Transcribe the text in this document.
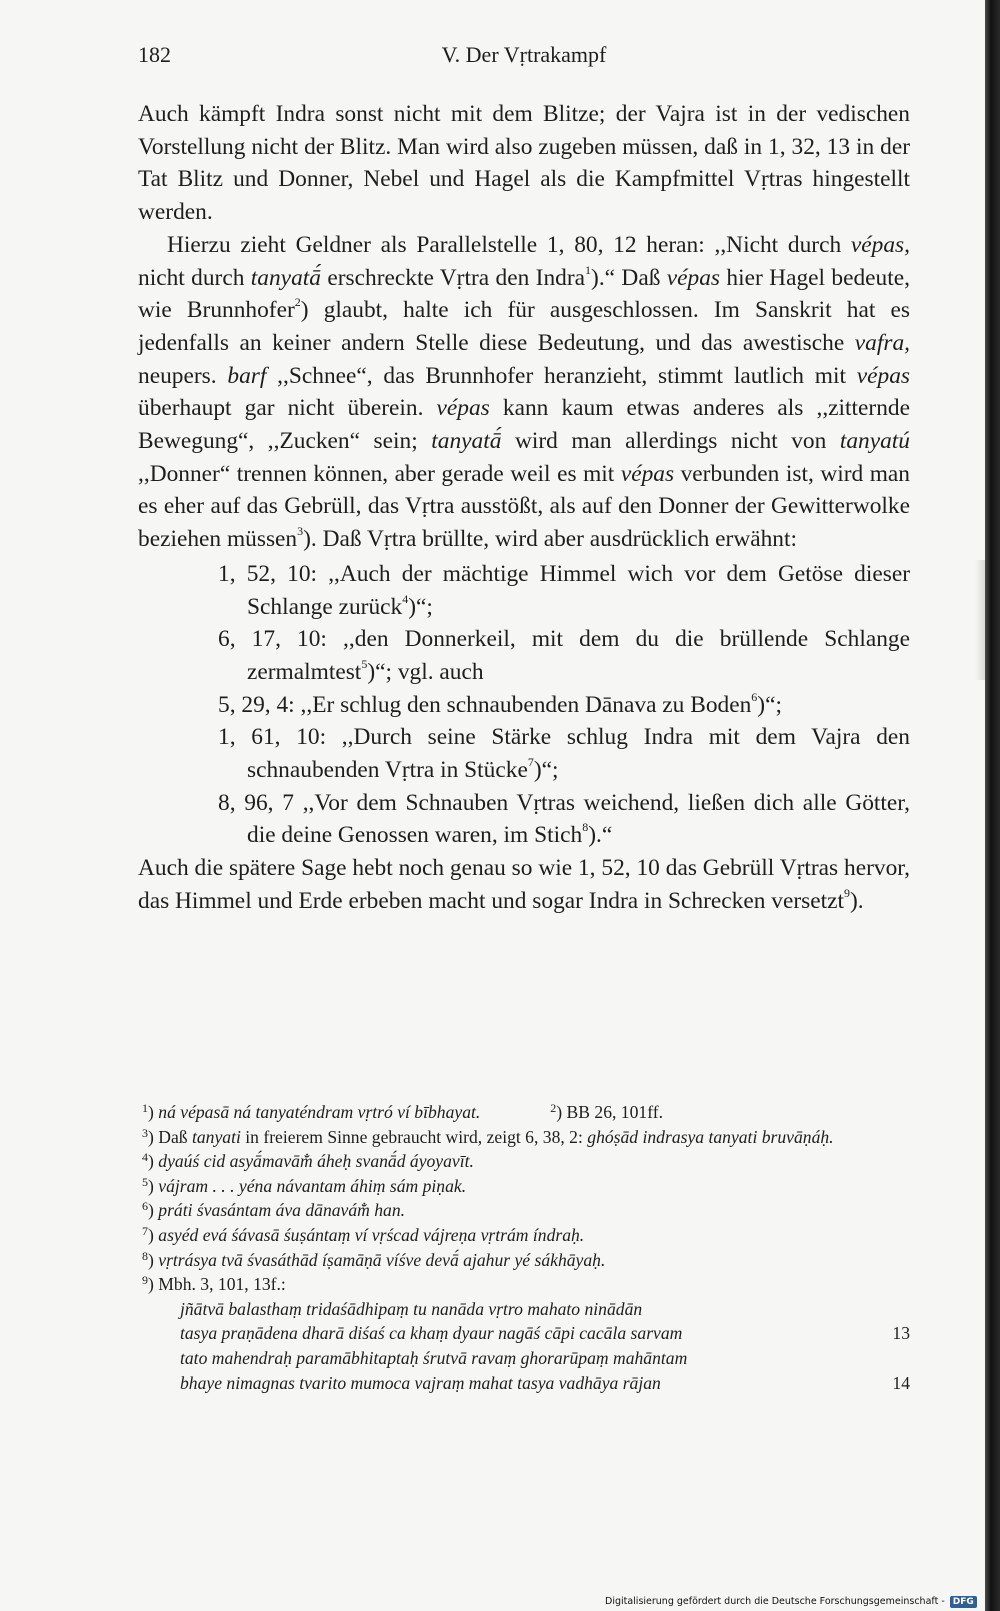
182	V. Der Vṛtrakampf

Auch kämpft Indra sonst nicht mit dem Blitze; der Vajra ist in der vedischen Vorstellung nicht der Blitz. Man wird also zugeben müssen, daß in 1, 32, 13 in der Tat Blitz und Donner, Nebel und Hagel als die Kampfmittel Vṛtras hingestellt werden.

Hierzu zieht Geldner als Parallelstelle 1, 80, 12 heran: ,,Nicht durch vépas, nicht durch tanyatā́ erschreckte Vṛtra den Indra$^1$).“ Daß vépas hier Hagel bedeute, wie Brunnhofer$^2$) glaubt, halte ich für ausgeschlossen. Im Sanskrit hat es jedenfalls an keiner andern Stelle diese Bedeutung, und das awestische vafra, neupers. barf ,,Schnee“, das Brunnhofer heranzieht, stimmt lautlich mit vépas überhaupt gar nicht überein. vépas kann kaum etwas anderes als ,,zitternde Bewegung“, ,,Zucken“ sein; tanyatā́ wird man allerdings nicht von tanyatú ,,Donner“ trennen können, aber gerade weil es mit vépas verbunden ist, wird man es eher auf das Gebrüll, das Vṛtra ausstößt, als auf den Donner der Gewitterwolke beziehen müssen$^3$). Daß Vṛtra brüllte, wird aber ausdrücklich erwähnt:

1, 52, 10: ,,Auch der mächtige Himmel wich vor dem Getöse dieser Schlange zurück$^4$)“;

6, 17, 10: ,,den Donnerkeil, mit dem du die brüllende Schlange zermalmtest$^5$)“; vgl. auch

5, 29, 4: ,,Er schlug den schnaubenden Dānava zu Boden$^6$)“;

1, 61, 10: ,,Durch seine Stärke schlug Indra mit dem Vajra den schnaubenden Vṛtra in Stücke$^7$)“;

8, 96, 7 ,,Vor dem Schnauben Vṛtras weichend, ließen dich alle Götter, die deine Genossen waren, im Stich$^8$).“

Auch die spätere Sage hebt noch genau so wie 1, 52, 10 das Gebrüll Vṛtras hervor, das Himmel und Erde erbeben macht und sogar Indra in Schrecken versetzt$^9$).

$^1$) ná vépasā ná tanyaténdram vṛtró ví bībhayat.	$^2$) BB 26, 101ff.

$^3$) Daß tanyati in freierem Sinne gebraucht wird, zeigt 6, 38, 2: ghóṣād indrasya tanyati bruvāṇáḥ.

$^4$) dyaúś cid asyā́mavām̐ áheḥ svanā́d áyoyavīt.

$^5$) vájram . . . yéna návantam áhiṃ sám piṇak.

$^6$) práti śvasántam áva dānavám̐ han.

$^7$) asyéd evá śávasā śuṣántaṃ ví vṛścad vájreṇa vṛtrám índraḥ.

$^8$) vṛtrásya tvā śvasáthād íṣamāṇā víśve devā́ ajahur yé sákhāyaḥ.

$^9$) Mbh. 3, 101, 13f.:

jñātvā balasthaṃ tridaśādhipaṃ tu nanāda vṛtro mahato ninādān

tasya praṇādena dharā diśaś ca khaṃ dyaur nagāś cāpi cacāla sarvam	13

tato mahendraḥ paramābhitaptaḥ śrutvā ravaṃ ghorarūpaṃ mahāntam

bhaye nimagnas tvarito mumoca vajraṃ mahat tasya vadhāya rājan	14

Digitalisierung gefördert durch die Deutsche Forschungsgemeinschaft - DFG
